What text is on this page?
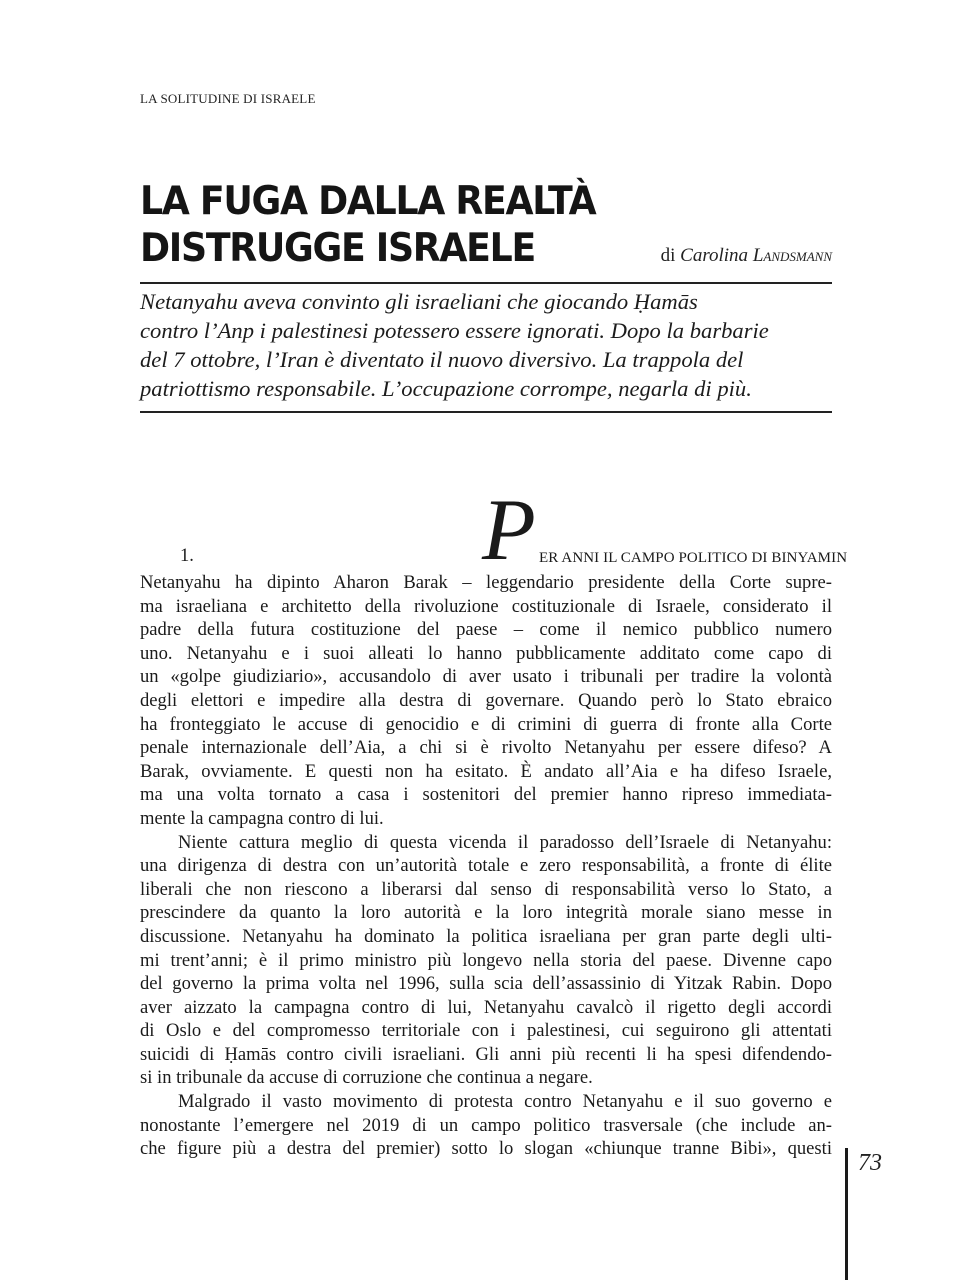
LA SOLITUDINE DI ISRAELE
LA FUGA DALLA REALTÀ
DISTRUGGE ISRAELE	di Carolina Landsmann
Netanyahu aveva convinto gli israeliani che giocando Ḥamās
contro l’Anp i palestinesi potessero essere ignorati. Dopo la barbarie
del 7 ottobre, l’Iran è diventato il nuovo diversivo. La trappola del
patriottismo responsabile. L’occupazione corrompe, negarla di più.
1.	P ER ANNI IL CAMPO POLITICO DI BINYAMIN
Netanyahu ha dipinto Aharon Barak – leggendario presidente della Corte supre-
ma israeliana e architetto della rivoluzione costituzionale di Israele, considerato il
padre della futura costituzione del paese – come il nemico pubblico numero
uno. Netanyahu e i suoi alleati lo hanno pubblicamente additato come capo di
un «golpe giudiziario», accusandolo di aver usato i tribunali per tradire la volontà
degli elettori e impedire alla destra di governare. Quando però lo Stato ebraico
ha fronteggiato le accuse di genocidio e di crimini di guerra di fronte alla Corte
penale internazionale dell’Aia, a chi si è rivolto Netanyahu per essere difeso? A
Barak, ovviamente. E questi non ha esitato. È andato all’Aia e ha difeso Israele,
ma una volta tornato a casa i sostenitori del premier hanno ripreso immediata-
mente la campagna contro di lui.
Niente cattura meglio di questa vicenda il paradosso dell’Israele di Netanyahu:
una dirigenza di destra con un’autorità totale e zero responsabilità, a fronte di élite
liberali che non riescono a liberarsi dal senso di responsabilità verso lo Stato, a
prescindere da quanto la loro autorità e la loro integrità morale siano messe in
discussione. Netanyahu ha dominato la politica israeliana per gran parte degli ulti-
mi trent’anni; è il primo ministro più longevo nella storia del paese. Divenne capo
del governo la prima volta nel 1996, sulla scia dell’assassinio di Yitzak Rabin. Dopo
aver aizzato la campagna contro di lui, Netanyahu cavalcò il rigetto degli accordi
di Oslo e del compromesso territoriale con i palestinesi, cui seguirono gli attentati
suicidi di Ḥamās contro civili israeliani. Gli anni più recenti li ha spesi difendendo-
si in tribunale da accuse di corruzione che continua a negare.
Malgrado il vasto movimento di protesta contro Netanyahu e il suo governo e
nonostante l’emergere nel 2019 di un campo politico trasversale (che include an-
che figure più a destra del premier) sotto lo slogan «chiunque tranne Bibi», questi
73
